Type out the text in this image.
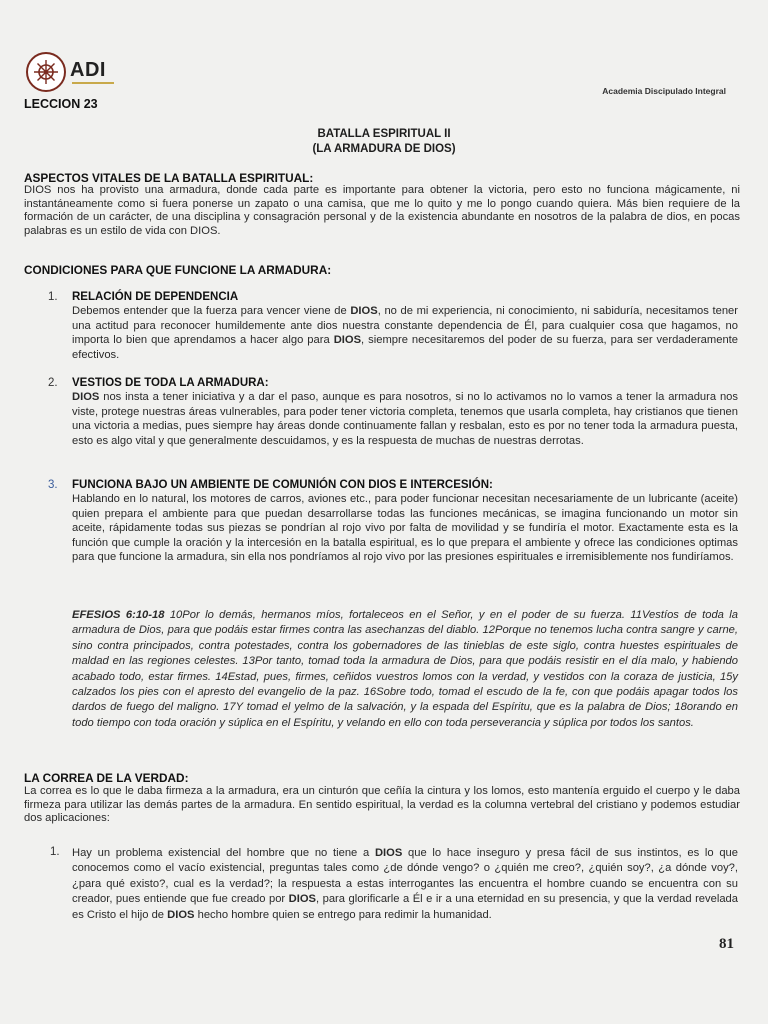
ADI
LECCION 23
Academia Discipulado Integral
BATALLA ESPIRITUAL II
(LA ARMADURA DE DIOS)
ASPECTOS VITALES DE LA BATALLA ESPIRITUAL:
DIOS nos ha provisto una armadura, donde cada parte es importante para obtener la victoria, pero esto no funciona mágicamente, ni instantáneamente como si fuera ponerse un zapato o una camisa, que me lo quito y me lo pongo cuando quiera. Más bien requiere de la formación de un carácter, de una disciplina y consagración personal y de la existencia abundante en nosotros de la palabra de dios, en pocas palabras es un estilo de vida con DIOS.
CONDICIONES PARA QUE FUNCIONE LA ARMADURA:
1. RELACIÓN DE DEPENDENCIA
Debemos entender que la fuerza para vencer viene de DIOS, no de mi experiencia, ni conocimiento, ni sabiduría, necesitamos tener una actitud para reconocer humildemente ante dios nuestra constante dependencia de Él, para cualquier cosa que hagamos, no importa lo bien que aprendamos a hacer algo para DIOS, siempre necesitaremos del poder de su fuerza, para ser verdaderamente efectivos.
2. VESTIOS DE TODA LA ARMADURA:
DIOS nos insta a tener iniciativa y a dar el paso, aunque es para nosotros, si no lo activamos no lo vamos a tener la armadura nos viste, protege nuestras áreas vulnerables, para poder tener victoria completa, tenemos que usarla completa, hay cristianos que tienen una victoria a medias, pues siempre hay áreas donde continuamente fallan y resbalan, esto es por no tener toda la armadura puesta, esto es algo vital y que generalmente descuidamos, y es la respuesta de muchas de nuestras derrotas.
3. FUNCIONA BAJO UN AMBIENTE DE COMUNIÓN CON DIOS E INTERCESIÓN:
Hablando en lo natural, los motores de carros, aviones etc., para poder funcionar necesitan necesariamente de un lubricante (aceite) quien prepara el ambiente para que puedan desarrollarse todas las funciones mecánicas, se imagina funcionando un motor sin aceite, rápidamente todas sus piezas se pondrían al rojo vivo por falta de movilidad y se fundiría el motor. Exactamente esta es la función que cumple la oración y la intercesión en la batalla espiritual, es lo que prepara el ambiente y ofrece las condiciones optimas para que funcione la armadura, sin ella nos pondríamos al rojo vivo por las presiones espirituales e irremisiblemente nos fundiríamos.
EFESIOS 6:10-18 10Por lo demás, hermanos míos, fortaleceos en el Señor, y en el poder de su fuerza. 11Vestíos de toda la armadura de Dios, para que podáis estar firmes contra las asechanzas del diablo. 12Porque no tenemos lucha contra sangre y carne, sino contra principados, contra potestades, contra los gobernadores de las tinieblas de este siglo, contra huestes espirituales de maldad en las regiones celestes. 13Por tanto, tomad toda la armadura de Dios, para que podáis resistir en el día malo, y habiendo acabado todo, estar firmes. 14Estad, pues, firmes, ceñidos vuestros lomos con la verdad, y vestidos con la coraza de justicia, 15y calzados los pies con el apresto del evangelio de la paz. 16Sobre todo, tomad el escudo de la fe, con que podáis apagar todos los dardos de fuego del maligno. 17Y tomad el yelmo de la salvación, y la espada del Espíritu, que es la palabra de Dios; 18orando en todo tiempo con toda oración y súplica en el Espíritu, y velando en ello con toda perseverancia y súplica por todos los santos.
LA CORREA DE LA VERDAD:
La correa es lo que le daba firmeza a la armadura, era un cinturón que ceñía la cintura y los lomos, esto mantenía erguido el cuerpo y le daba firmeza para utilizar las demás partes de la armadura. En sentido espiritual, la verdad es la columna vertebral del cristiano y podemos estudiar dos aplicaciones:
1. Hay un problema existencial del hombre que no tiene a DIOS que lo hace inseguro y presa fácil de sus instintos, es lo que conocemos como el vacío existencial, preguntas tales como ¿de dónde vengo? o ¿quién me creo?, ¿quién soy?, ¿a dónde voy?, ¿para qué existo?, cual es la verdad?; la respuesta a estas interrogantes las encuentra el hombre cuando se encuentra con su creador, pues entiende que fue creado por DIOS, para glorificarle a Él e ir a una eternidad en su presencia, y que la verdad revelada es Cristo el hijo de DIOS hecho hombre quien se entrego para redimir la humanidad.
81
